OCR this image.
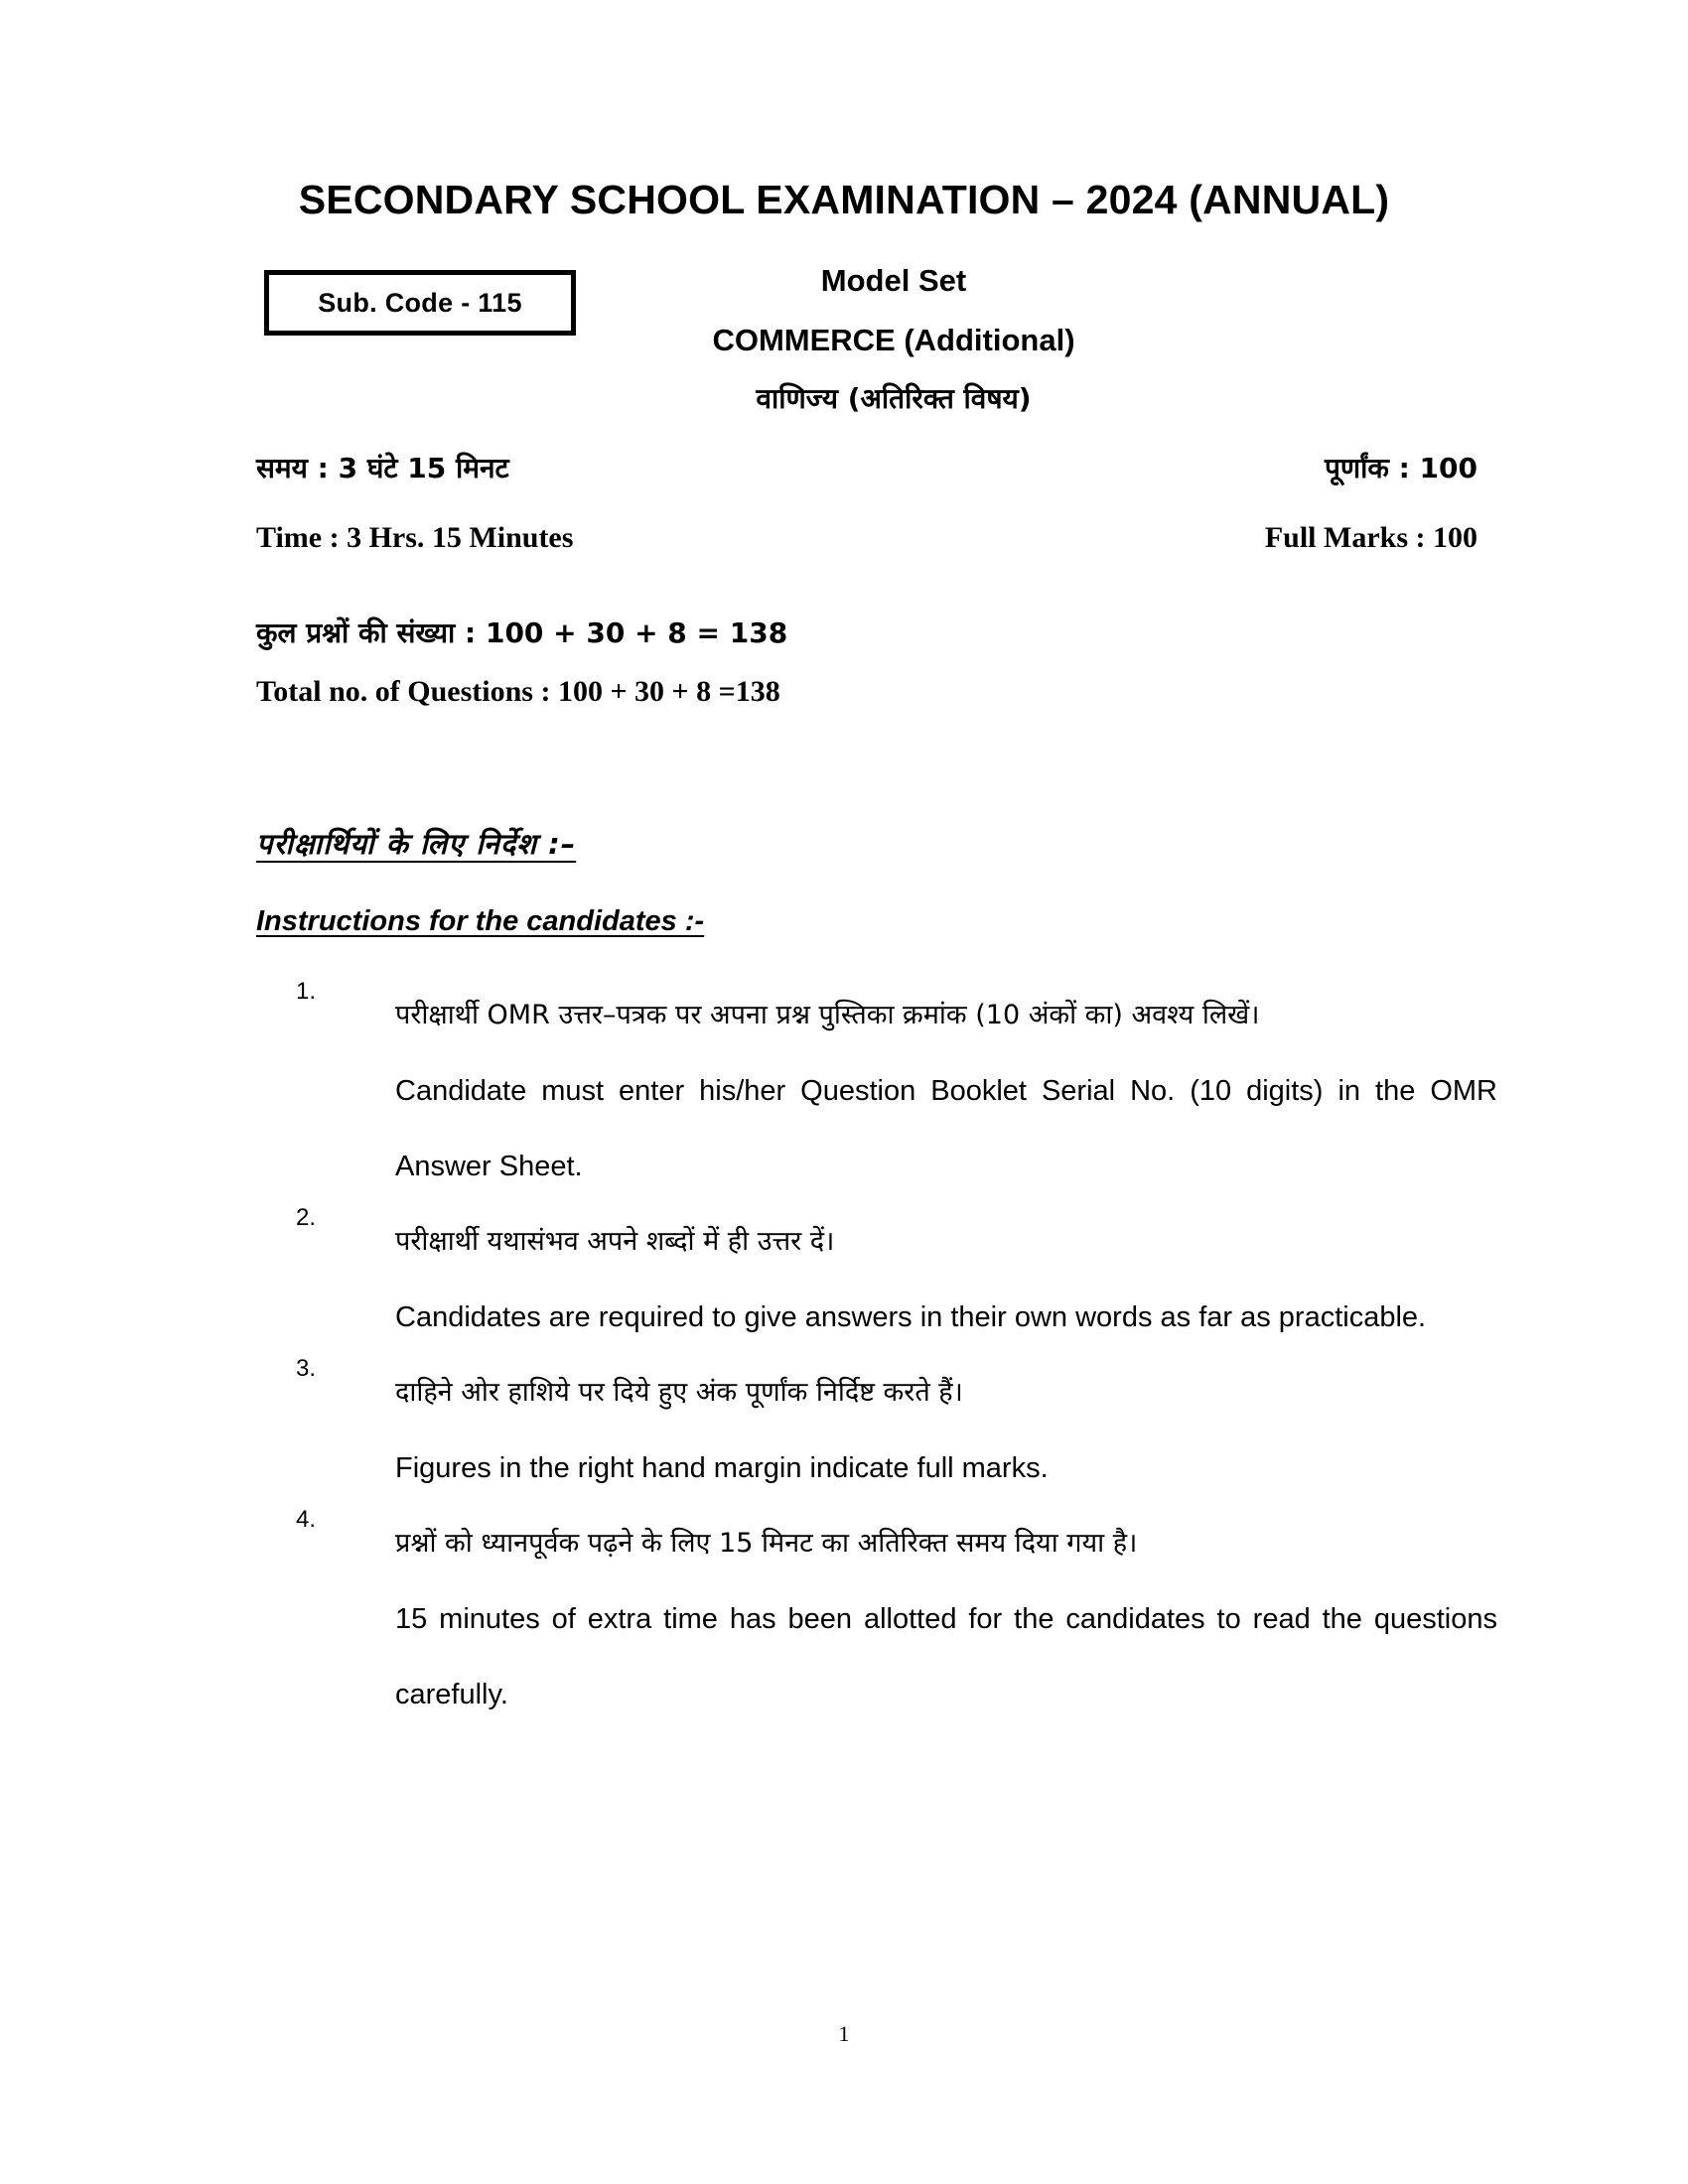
SECONDARY SCHOOL EXAMINATION – 2024 (ANNUAL)
Sub. Code - 115
Model Set
COMMERCE (Additional)
वाणिज्य (अतिरिक्त विषय)
समय : 3 घंटे 15 मिनट	पूर्णांक : 100
Time : 3 Hrs. 15 Minutes	Full Marks : 100
कुल प्रश्नों की संख्या : 100 + 30 + 8 = 138
Total no. of Questions : 100 + 30 + 8 =138
परीक्षार्थियों के लिए निर्देश :–
Instructions for the candidates :-
1.
परीक्षार्थी OMR उत्तर–पत्रक पर अपना प्रश्न पुस्तिका क्रमांक (10 अंकों का) अवश्य लिखें।
Candidate must enter his/her Question Booklet Serial No. (10 digits) in the OMR Answer Sheet.
2.
परीक्षार्थी यथासंभव अपने शब्दों में ही उत्तर दें।
Candidates are required to give answers in their own words as far as practicable.
3.
दाहिने ओर हाशिये पर दिये हुए अंक पूर्णांक निर्दिष्ट करते हैं।
Figures in the right hand margin indicate full marks.
4.
प्रश्नों को ध्यानपूर्वक पढ़ने के लिए 15 मिनट का अतिरिक्त समय दिया गया है।
15 minutes of extra time has been allotted for the candidates to read the questions carefully.
1
